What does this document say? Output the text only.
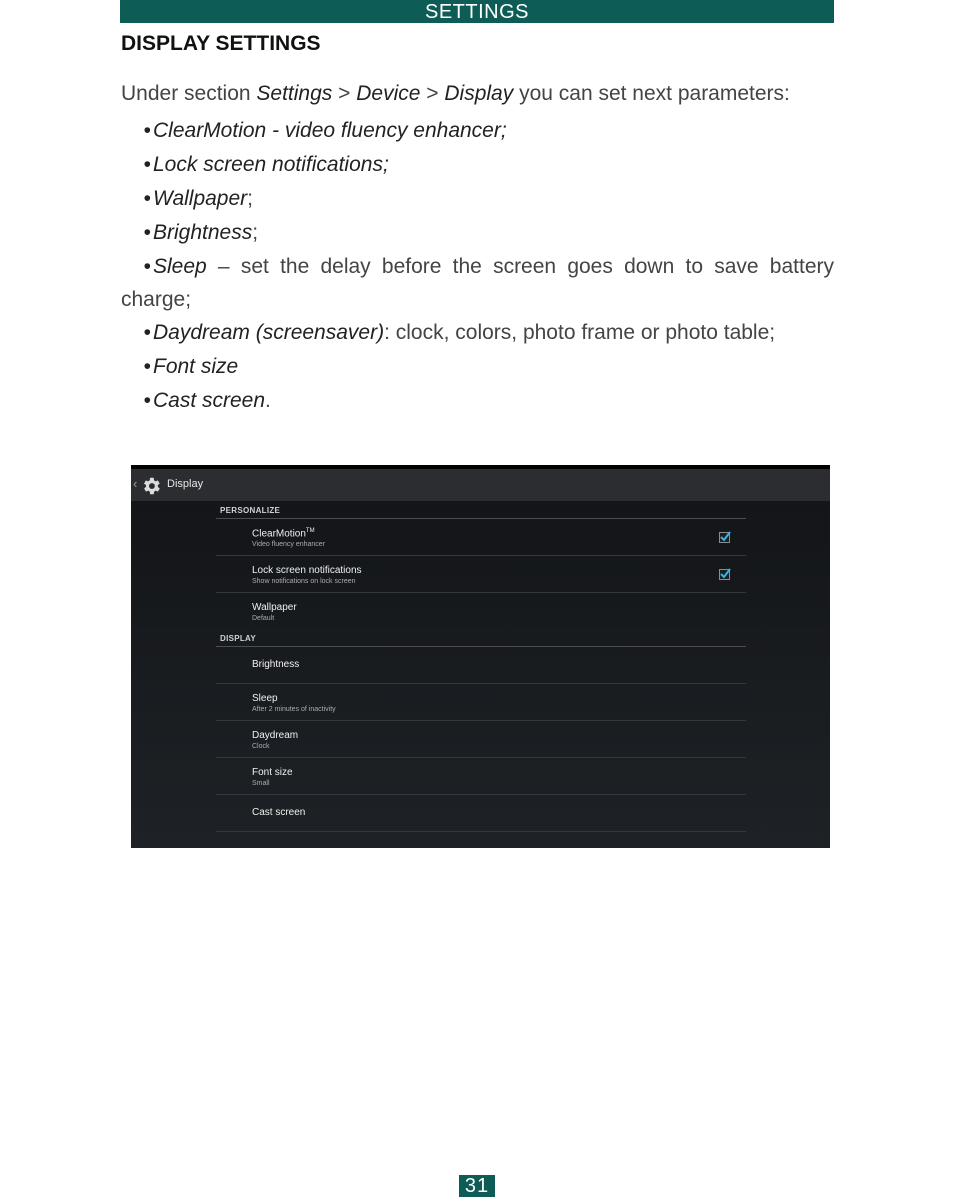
SETTINGS
DISPLAY SETTINGS

Under section Settings > Device > Display you can set next parameters:

•ClearMotion - video fluency enhancer;
•Lock screen notifications;
•Wallpaper;
•Brightness;
•Sleep – set the delay before the screen goes down to save battery charge;
•Daydream (screensaver): clock, colors, photo frame or photo table;
•Font size
•Cast screen.
‹	Display
PERSONALIZE
ClearMotion™
Video fluency enhancer
Lock screen notifications
Show notifications on lock screen
Wallpaper
Default
DISPLAY
Brightness
Sleep
After 2 minutes of inactivity
Daydream
Clock
Font size
Small
Cast screen
31
